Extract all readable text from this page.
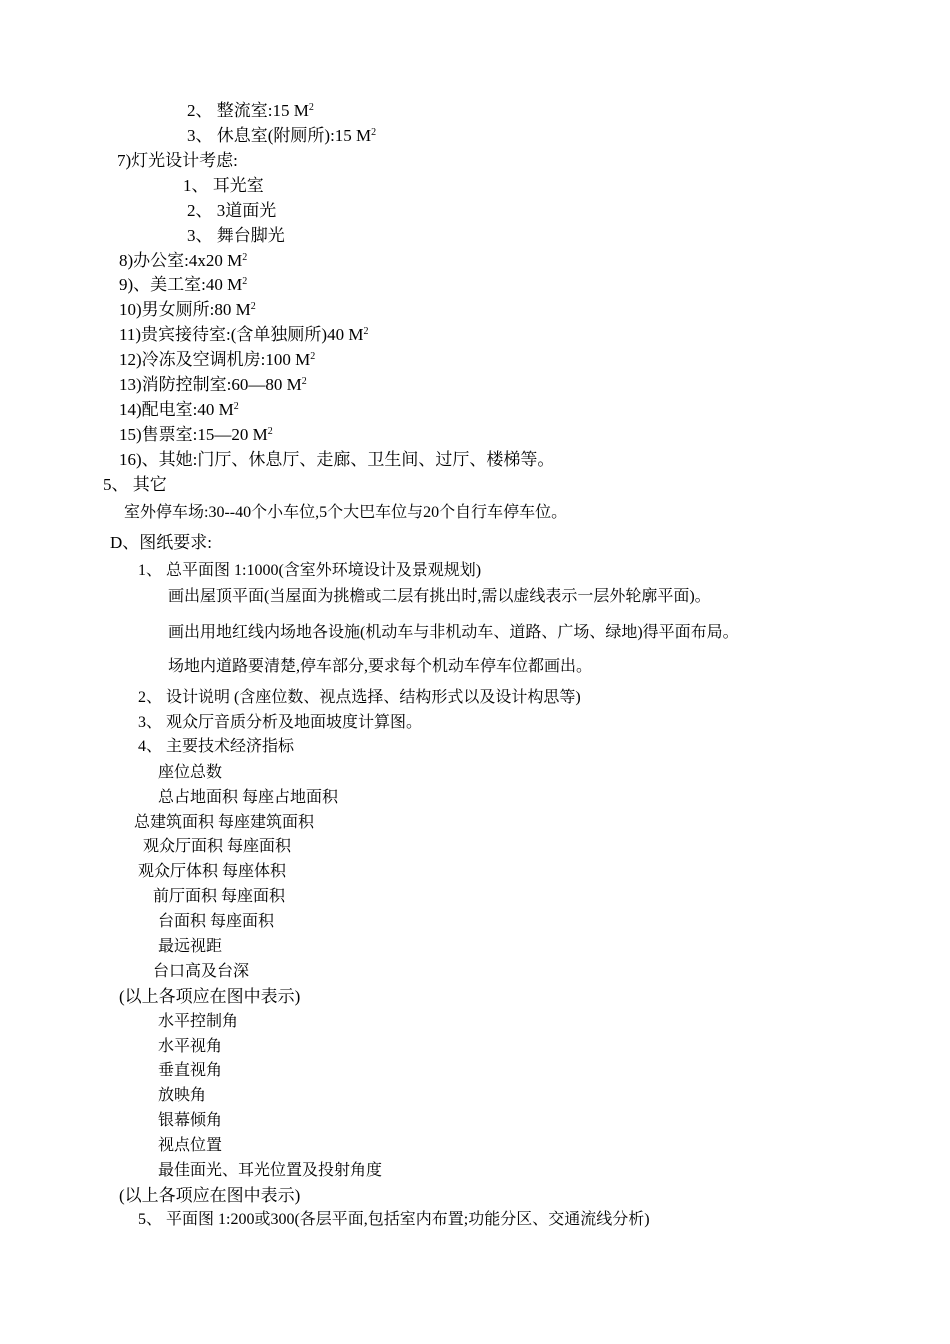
2、 整流室:15 $M^2$
3、 休息室(附厕所):15 $M^2$
7)灯光设计考虑:
1、 耳光室
2、 3道面光
3、 舞台脚光
8)办公室:4x20 $M^2$
9)、美工室:40 $M^2$
10)男女厕所:80 $M^2$
11)贵宾接待室:(含单独厕所)40 $M^2$
12)冷冻及空调机房:100 $M^2$
13)消防控制室:60—80 $M^2$
14)配电室:40 $M^2$
15)售票室:15—20 $M^2$
16)、其她:门厅、休息厅、走廊、卫生间、过厅、楼梯等。
5、 其它
室外停车场:30--40个小车位,5个大巴车位与20个自行车停车位。
D、图纸要求:
1、 总平面图 1:1000(含室外环境设计及景观规划)
画出屋顶平面(当屋面为挑檐或二层有挑出时,需以虚线表示一层外轮廓平面)。
画出用地红线内场地各设施(机动车与非机动车、道路、广场、绿地)得平面布局。
场地内道路要清楚,停车部分,要求每个机动车停车位都画出。
2、 设计说明 (含座位数、视点选择、结构形式以及设计构思等)
3、 观众厅音质分析及地面坡度计算图。
4、 主要技术经济指标
座位总数
总占地面积 每座占地面积
总建筑面积 每座建筑面积
观众厅面积 每座面积
观众厅体积 每座体积
前厅面积 每座面积
台面积 每座面积
最远视距
台口高及台深
(以上各项应在图中表示)
水平控制角
水平视角
垂直视角
放映角
银幕倾角
视点位置
最佳面光、耳光位置及投射角度
(以上各项应在图中表示)
5、 平面图 1:200或300(各层平面,包括室内布置;功能分区、交通流线分析)
